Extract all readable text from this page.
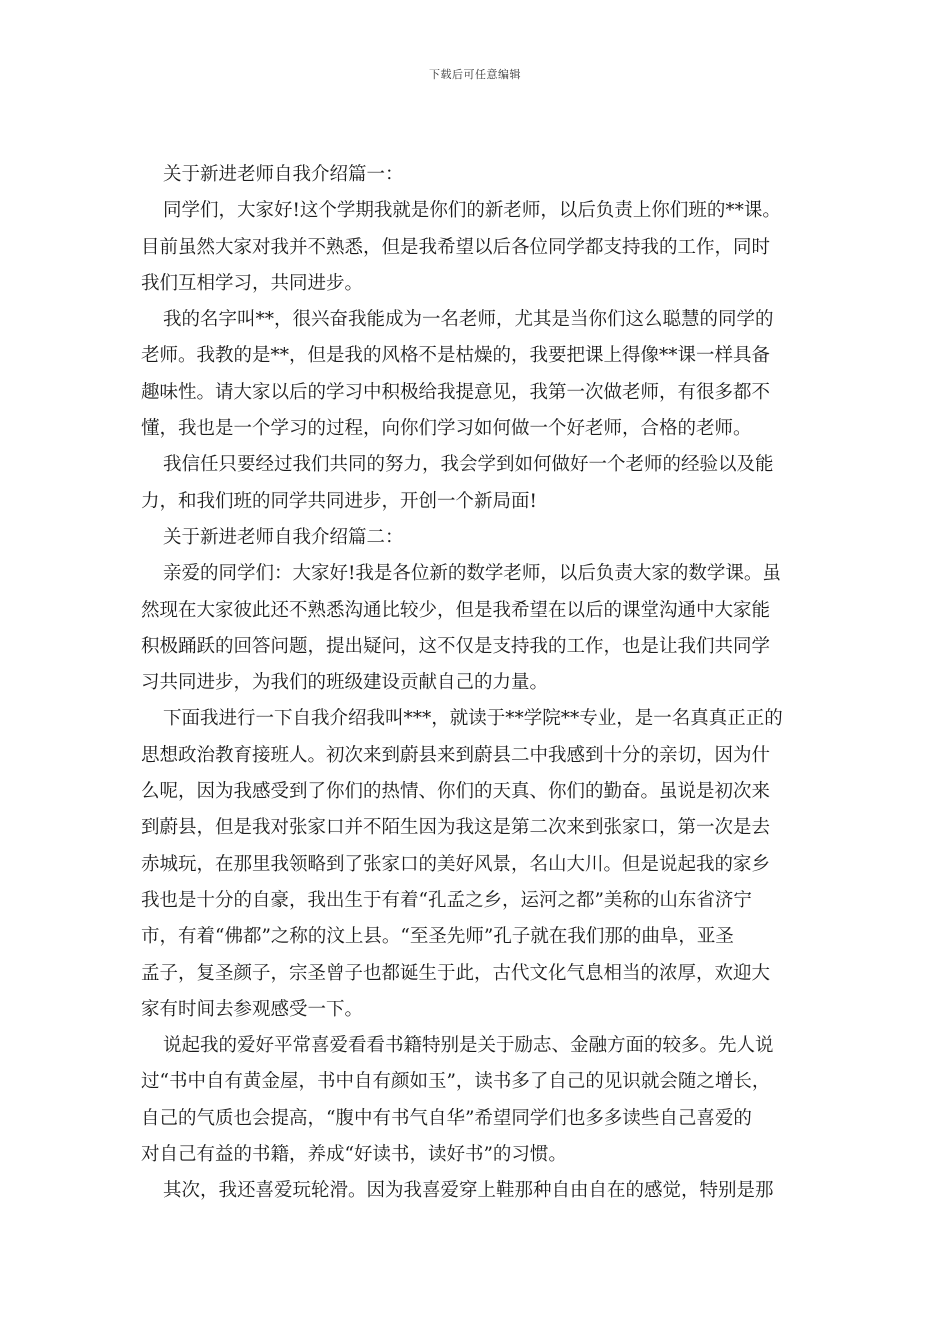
下载后可任意编辑
关于新进老师自我介绍篇一：
同学们，大家好!这个学期我就是你们的新老师，以后负责上你们班的**课。
目前虽然大家对我并不熟悉，但是我希望以后各位同学都支持我的工作，同时
我们互相学习，共同进步。
我的名字叫**，很兴奋我能成为一名老师，尤其是当你们这么聪慧的同学的
老师。我教的是**，但是我的风格不是枯燥的，我要把课上得像**课一样具备
趣味性。请大家以后的学习中积极给我提意见，我第一次做老师，有很多都不
懂，我也是一个学习的过程，向你们学习如何做一个好老师，合格的老师。
我信任只要经过我们共同的努力，我会学到如何做好一个老师的经验以及能
力，和我们班的同学共同进步，开创一个新局面!
关于新进老师自我介绍篇二：
亲爱的同学们：大家好!我是各位新的数学老师，以后负责大家的数学课。虽
然现在大家彼此还不熟悉沟通比较少，但是我希望在以后的课堂沟通中大家能
积极踊跃的回答问题，提出疑问，这不仅是支持我的工作，也是让我们共同学
习共同进步，为我们的班级建设贡献自己的力量。
下面我进行一下自我介绍我叫***，就读于**学院**专业，是一名真真正正的
思想政治教育接班人。初次来到蔚县来到蔚县二中我感到十分的亲切，因为什
么呢，因为我感受到了你们的热情、你们的天真、你们的勤奋。虽说是初次来
到蔚县，但是我对张家口并不陌生因为我这是第二次来到张家口，第一次是去
赤城玩，在那里我领略到了张家口的美好风景，名山大川。但是说起我的家乡
我也是十分的自豪，我出生于有着“孔孟之乡，运河之都”美称的山东省济宁
市，有着“佛都”之称的汶上县。“至圣先师”孔子就在我们那的曲阜，亚圣
孟子，复圣颜子，宗圣曾子也都诞生于此，古代文化气息相当的浓厚，欢迎大
家有时间去参观感受一下。
说起我的爱好平常喜爱看看书籍特别是关于励志、金融方面的较多。先人说
过“书中自有黄金屋，书中自有颜如玉”，读书多了自己的见识就会随之增长，
自己的气质也会提高，“腹中有书气自华”希望同学们也多多读些自己喜爱的
对自己有益的书籍，养成“好读书，读好书”的习惯。
其次，我还喜爱玩轮滑。因为我喜爱穿上鞋那种自由自在的感觉，特别是那
